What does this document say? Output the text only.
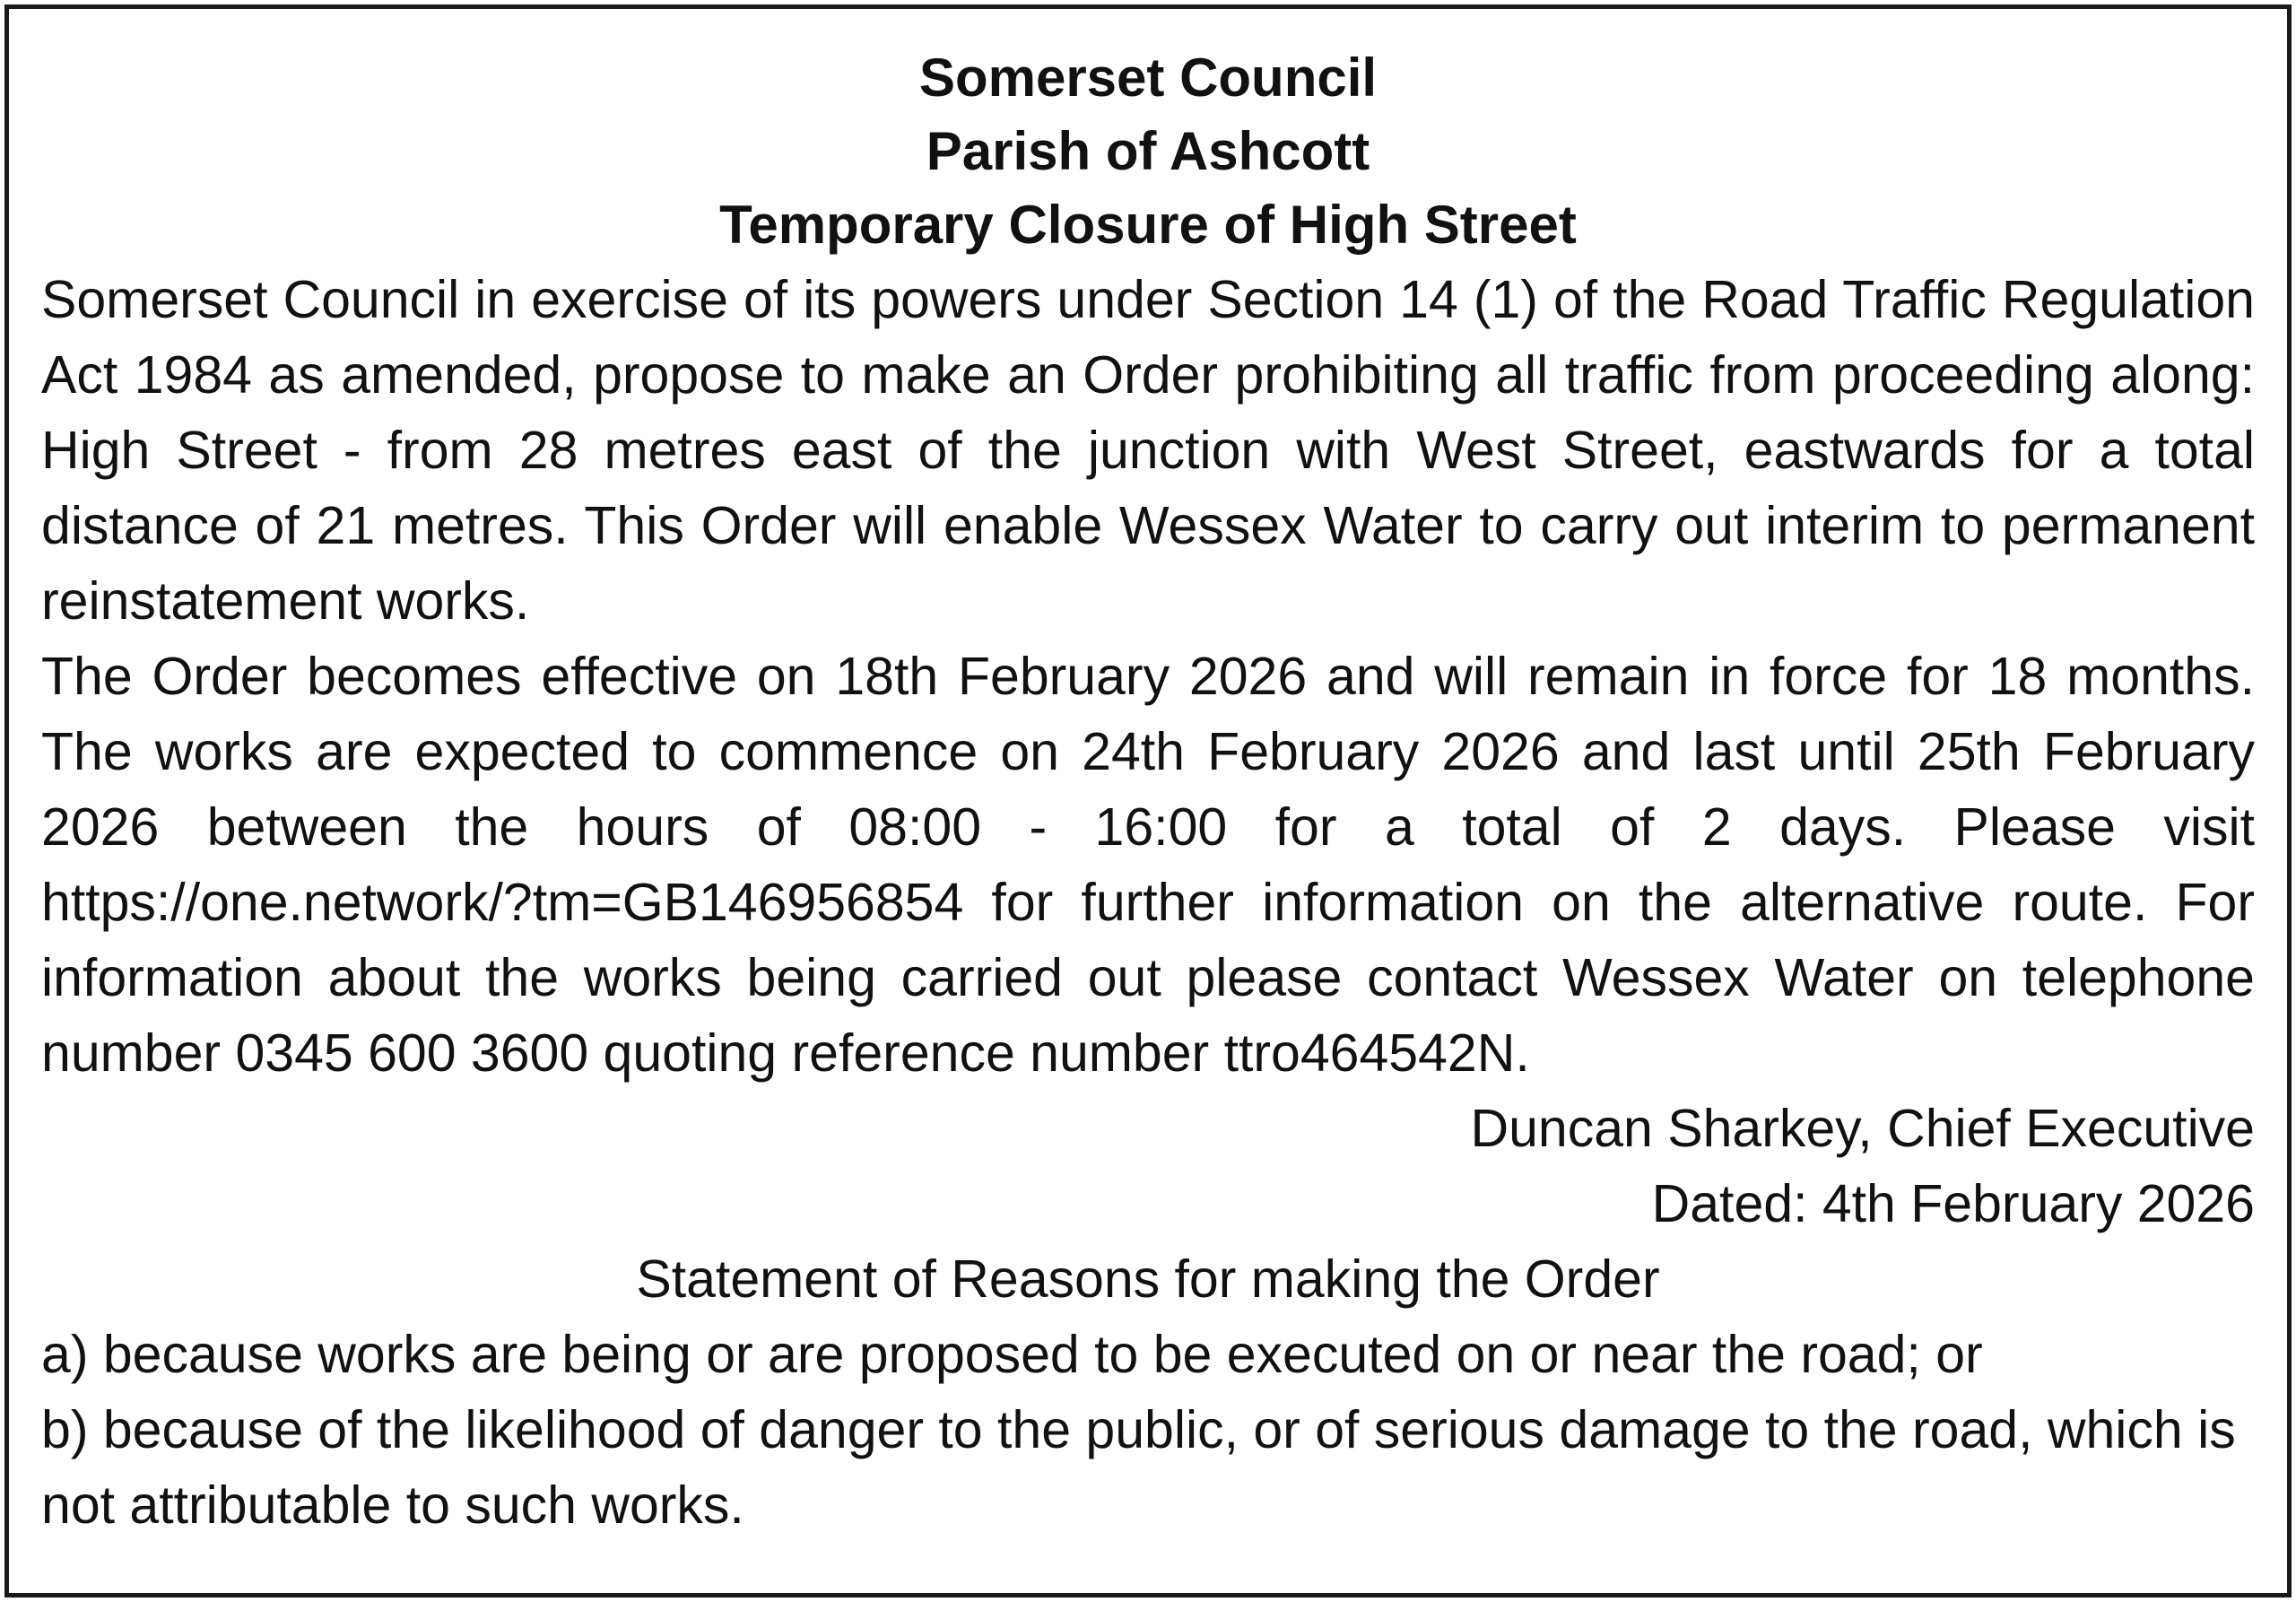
Somerset Council

Parish of Ashcott

Temporary Closure of High Street

Somerset Council in exercise of its powers under Section 14 (1) of the Road Traffic Regulation Act 1984 as amended, propose to make an Order prohibiting all traffic from proceeding along: High Street - from 28 metres east of the junction with West Street, eastwards for a total distance of 21 metres. This Order will enable Wessex Water to carry out interim to permanent reinstatement works.

The Order becomes effective on 18th February 2026 and will remain in force for 18 months. The works are expected to commence on 24th February 2026 and last until 25th February 2026 between the hours of 08:00 - 16:00 for a total of 2 days. Please visit https://one.network/?tm=GB146956854 for further information on the alternative route. For information about the works being carried out please contact Wessex Water on telephone number 0345 600 3600 quoting reference number ttro464542N.

Duncan Sharkey, Chief Executive

Dated: 4th February 2026

Statement of Reasons for making the Order

a) because works are being or are proposed to be executed on or near the road; or

b) because of the likelihood of danger to the public, or of serious damage to the road, which is not attributable to such works.
